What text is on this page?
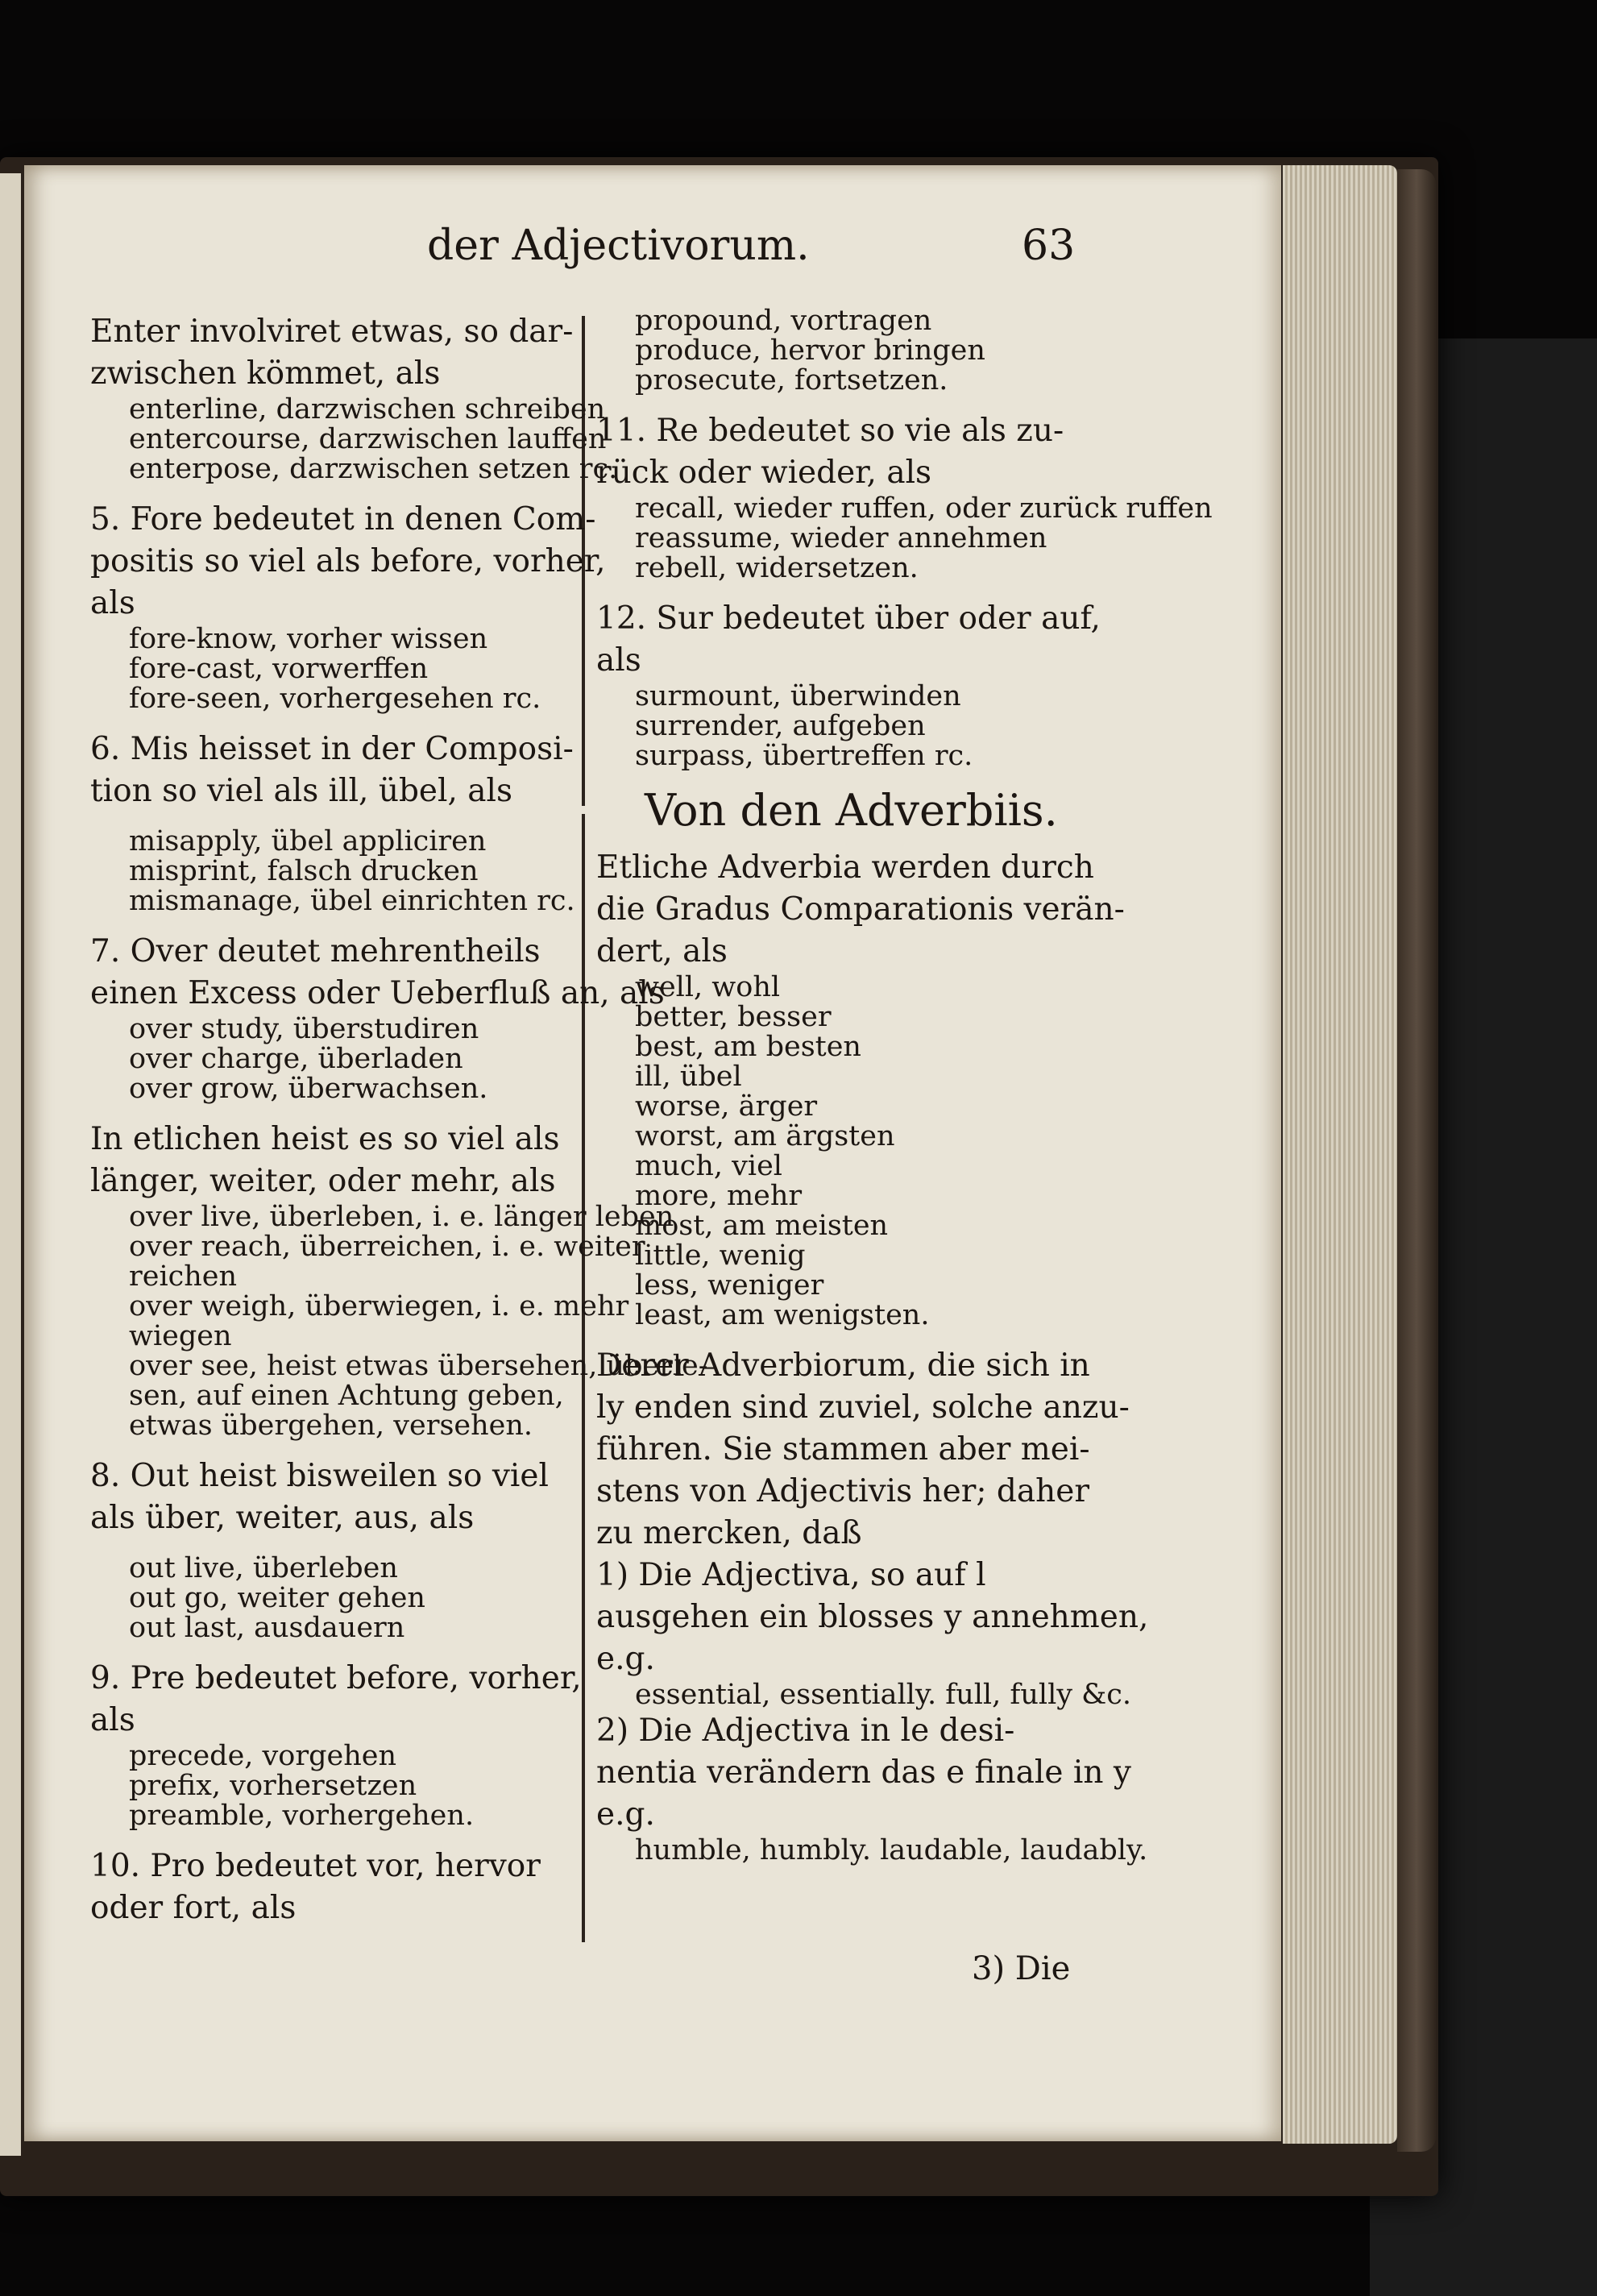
der Adjectivorum.	63

Enter involviret etwas, so dar-

zwischen kömmet, als

enterline, darzwischen schreiben

entercourse, darzwischen lauffen

enterpose, darzwischen setzen rc.

5. Fore bedeutet in denen Com-

positis so viel als before, vorher,

als

fore-know, vorher wissen

fore-cast, vorwerffen

fore-seen, vorhergesehen rc.

6. Mis heisset in der Composi-

tion so viel als ill, übel, als

misapply, übel appliciren

misprint, falsch drucken

mismanage, übel einrichten rc.

7. Over deutet mehrentheils

einen Excess oder Ueberfluß an, als

over study, überstudiren

over charge, überladen

over grow, überwachsen.

In etlichen heist es so viel als

länger, weiter, oder mehr, als

over live, überleben, i. e. länger leben

over reach, überreichen, i. e. weiter

reichen

over weigh, überwiegen, i. e. mehr

wiegen

over see, heist etwas übersehen, überle-

sen, auf einen Achtung geben,

etwas übergehen, versehen.

8. Out heist bisweilen so viel

als über, weiter, aus, als

out live, überleben

out go, weiter gehen

out last, ausdauern

9. Pre bedeutet before, vorher,

als

precede, vorgehen

prefix, vorhersetzen

preamble, vorhergehen.

10. Pro bedeutet vor, hervor

oder fort, als

propound, vortragen

produce, hervor bringen

prosecute, fortsetzen.

11. Re bedeutet so vie als zu-

rück oder wieder, als

recall, wieder ruffen, oder zurück ruffen

reassume, wieder annehmen

rebell, widersetzen.

12. Sur bedeutet über oder auf,

als

surmount, überwinden

surrender, aufgeben

surpass, übertreffen rc.

Von den Adverbiis.

Etliche Adverbia werden durch

die Gradus Comparationis verän-

dert, als

well, wohl

better, besser

best, am besten

ill, übel

worse, ärger

worst, am ärgsten

much, viel

more, mehr

most, am meisten

little, wenig

less, weniger

least, am wenigsten.

Derer Adverbiorum, die sich in

ly enden sind zuviel, solche anzu-

führen. Sie stammen aber mei-

stens von Adjectivis her; daher

zu mercken, daß

1) Die Adjectiva, so auf l

ausgehen ein blosses y annehmen,

e.g.

essential, essentially. full, fully &c.

2) Die Adjectiva in le desi-

nentia verändern das e finale in y

e.g.

humble, humbly. laudable, laudably.

3) Die
